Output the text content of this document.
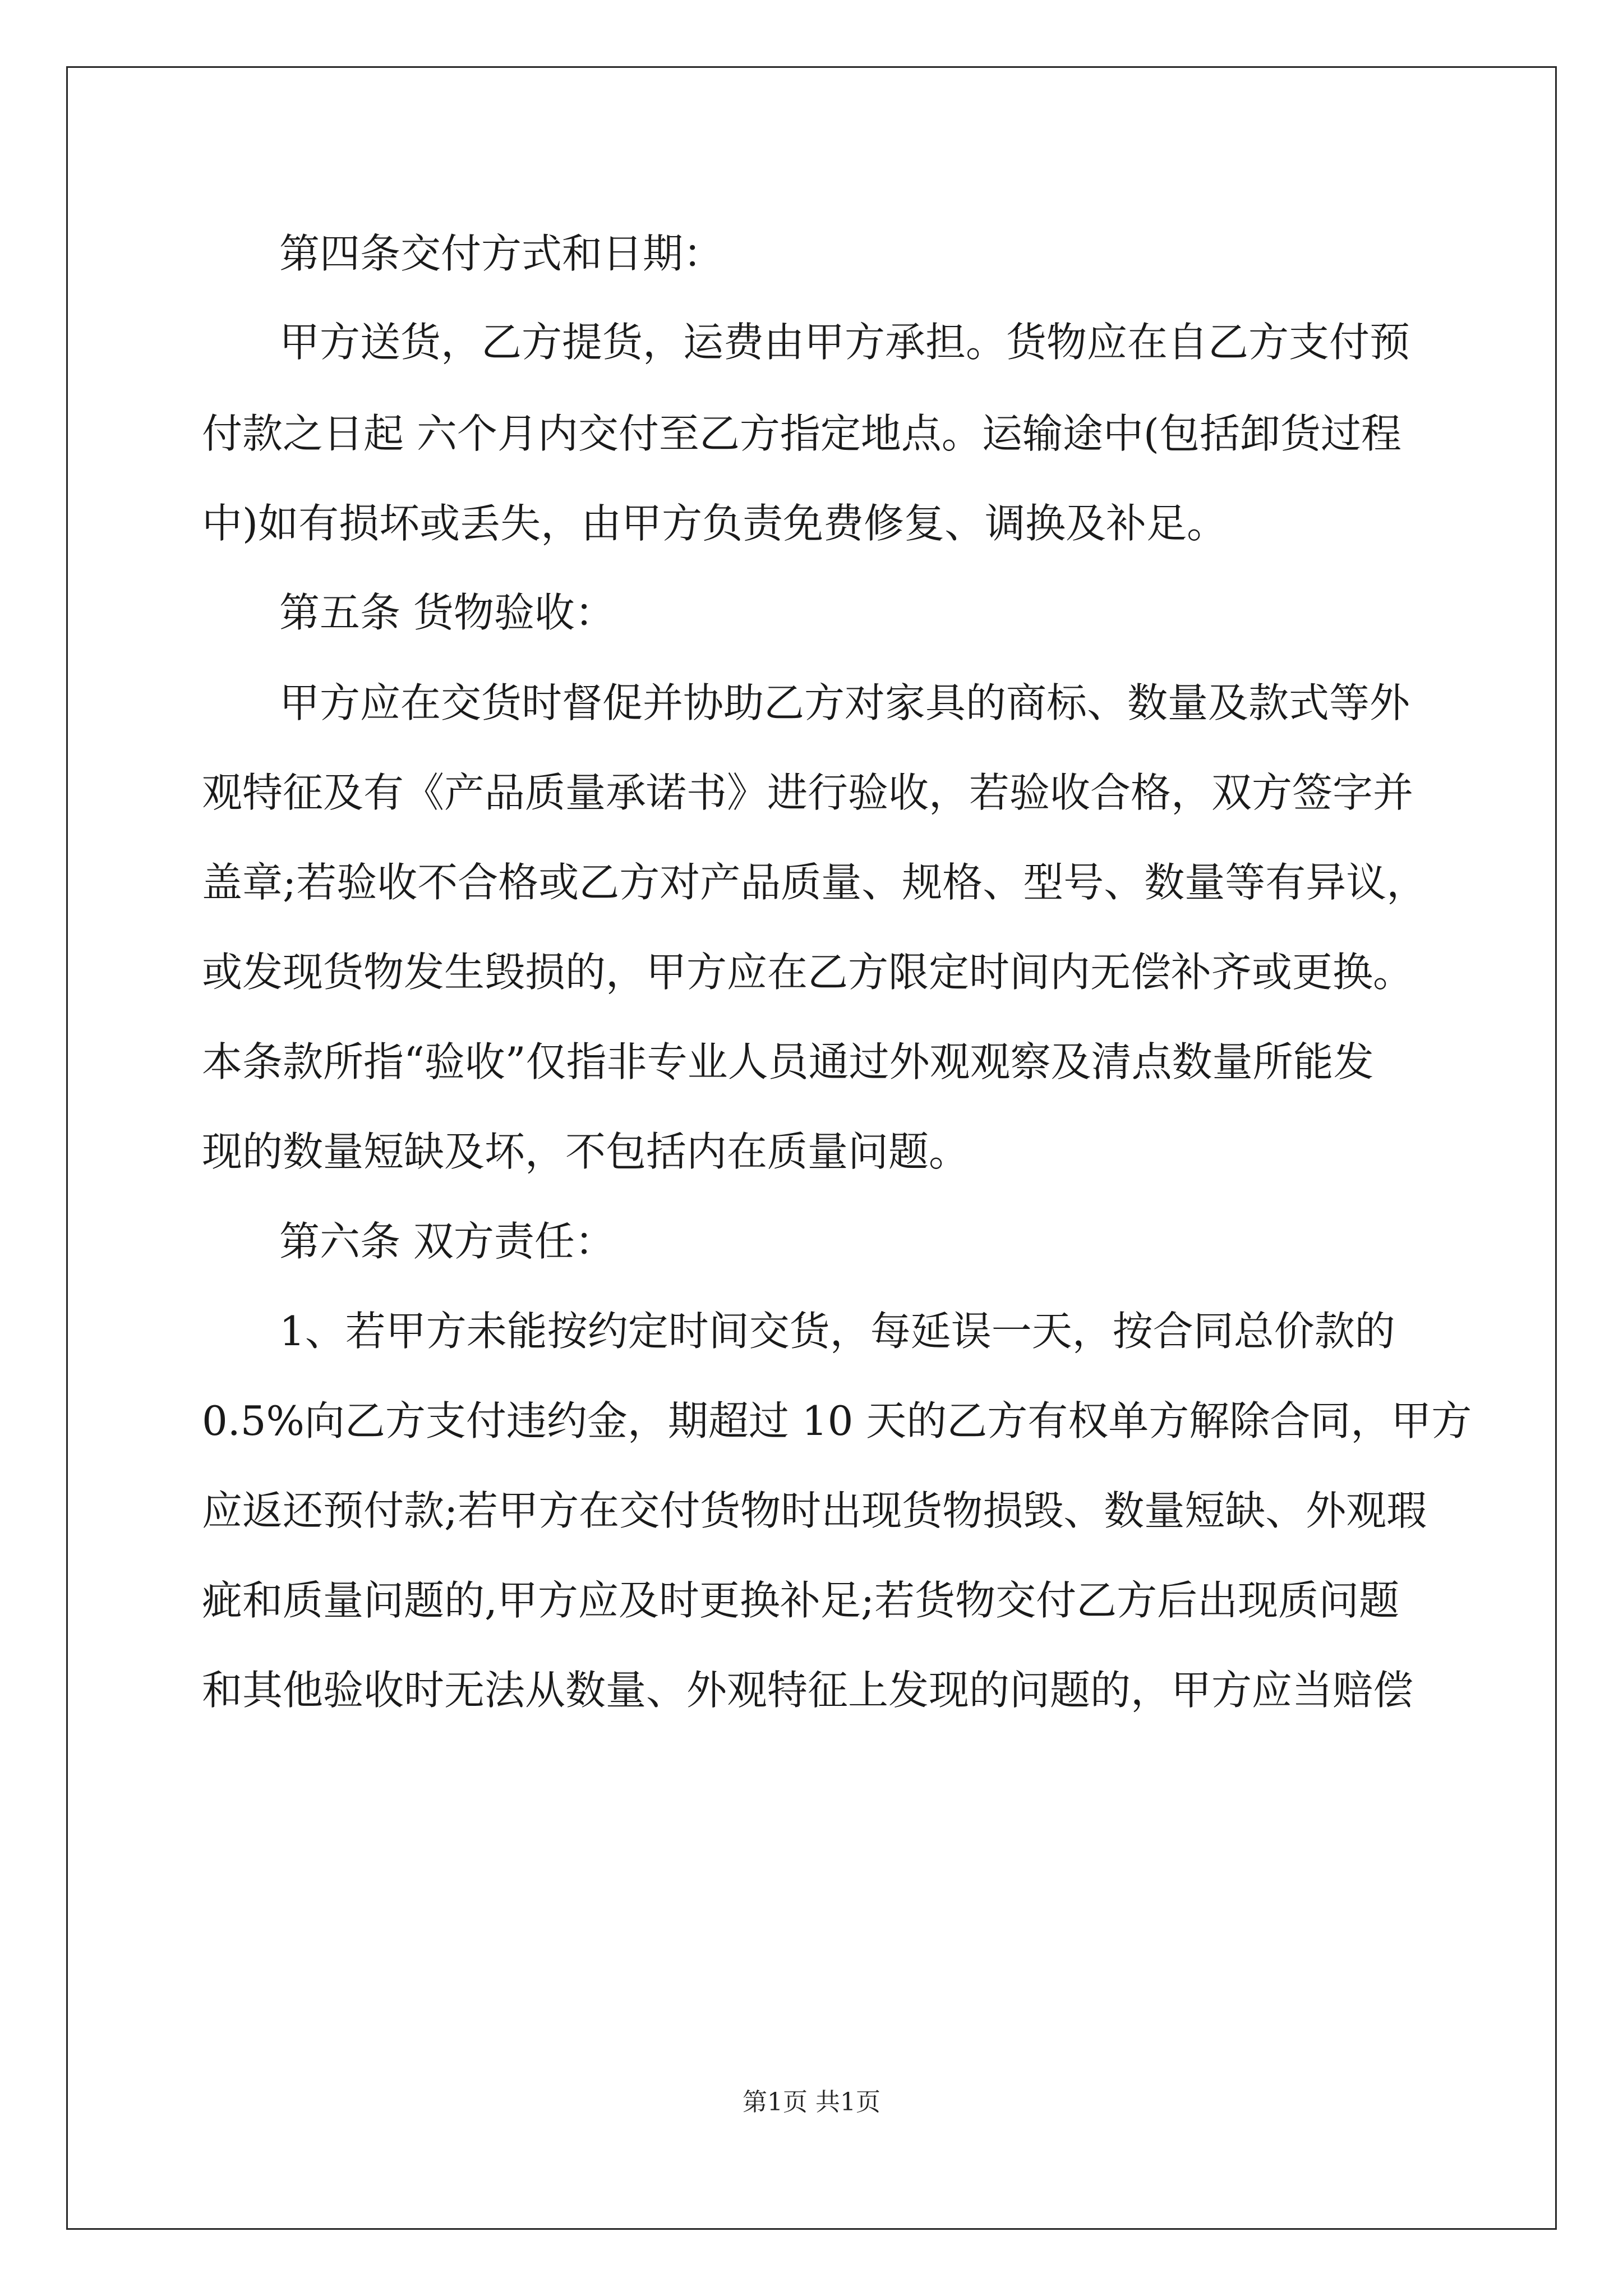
第四条交付方式和日期：

甲方送货，乙方提货，运费由甲方承担。货物应在自乙方支付预

付款之日起 六个月内交付至乙方指定地点。运输途中(包括卸货过程

中)如有损坏或丢失，由甲方负责免费修复、调换及补足。

第五条 货物验收：

甲方应在交货时督促并协助乙方对家具的商标、数量及款式等外

观特征及有《产品质量承诺书》进行验收，若验收合格，双方签字并

盖章;若验收不合格或乙方对产品质量、规格、型号、数量等有异议，

或发现货物发生毁损的，甲方应在乙方限定时间内无偿补齐或更换。

本条款所指“验收”仅指非专业人员通过外观观察及清点数量所能发

现的数量短缺及坏，不包括内在质量问题。

第六条 双方责任：

1、若甲方未能按约定时间交货，每延误一天，按合同总价款的

0.5%向乙方支付违约金，期超过 10 天的乙方有权单方解除合同，甲方

应返还预付款;若甲方在交付货物时出现货物损毁、数量短缺、外观瑕

疵和质量问题的,甲方应及时更换补足;若货物交付乙方后出现质问题

和其他验收时无法从数量、外观特征上发现的问题的，甲方应当赔偿

第1页 共1页
